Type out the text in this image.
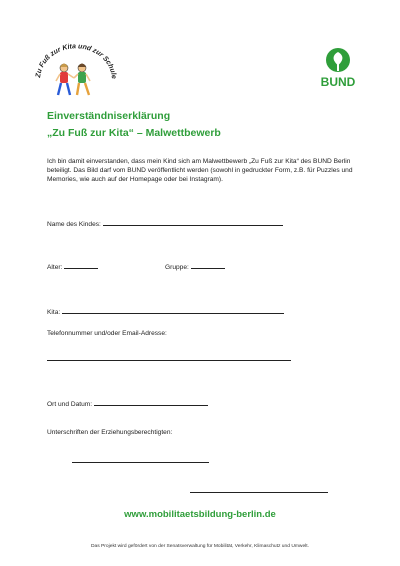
Zu Fuß zur Kita und zur Schule	BUND
Einverständniserklärung
„Zu Fuß zur Kita“ – Malwettbewerb

Ich bin damit einverstanden, dass mein Kind sich am Malwettbewerb „Zu Fuß zur Kita“ des BUND Berlin beteiligt. Das Bild darf vom BUND veröffentlicht werden (sowohl in gedruckter Form, z.B. für Puzzles und Memories, wie auch auf der Homepage oder bei Instagram).

Name des Kindes:
Alter:	Gruppe:
Kita:
Telefonnummer und/oder Email-Adresse:
Ort und Datum:
Unterschriften der Erziehungsberechtigten:
www.mobilitaetsbildung-berlin.de
Das Projekt wird gefördert von der Senatsverwaltung für Mobilität, Verkehr, Klimaschutz und Umwelt.
